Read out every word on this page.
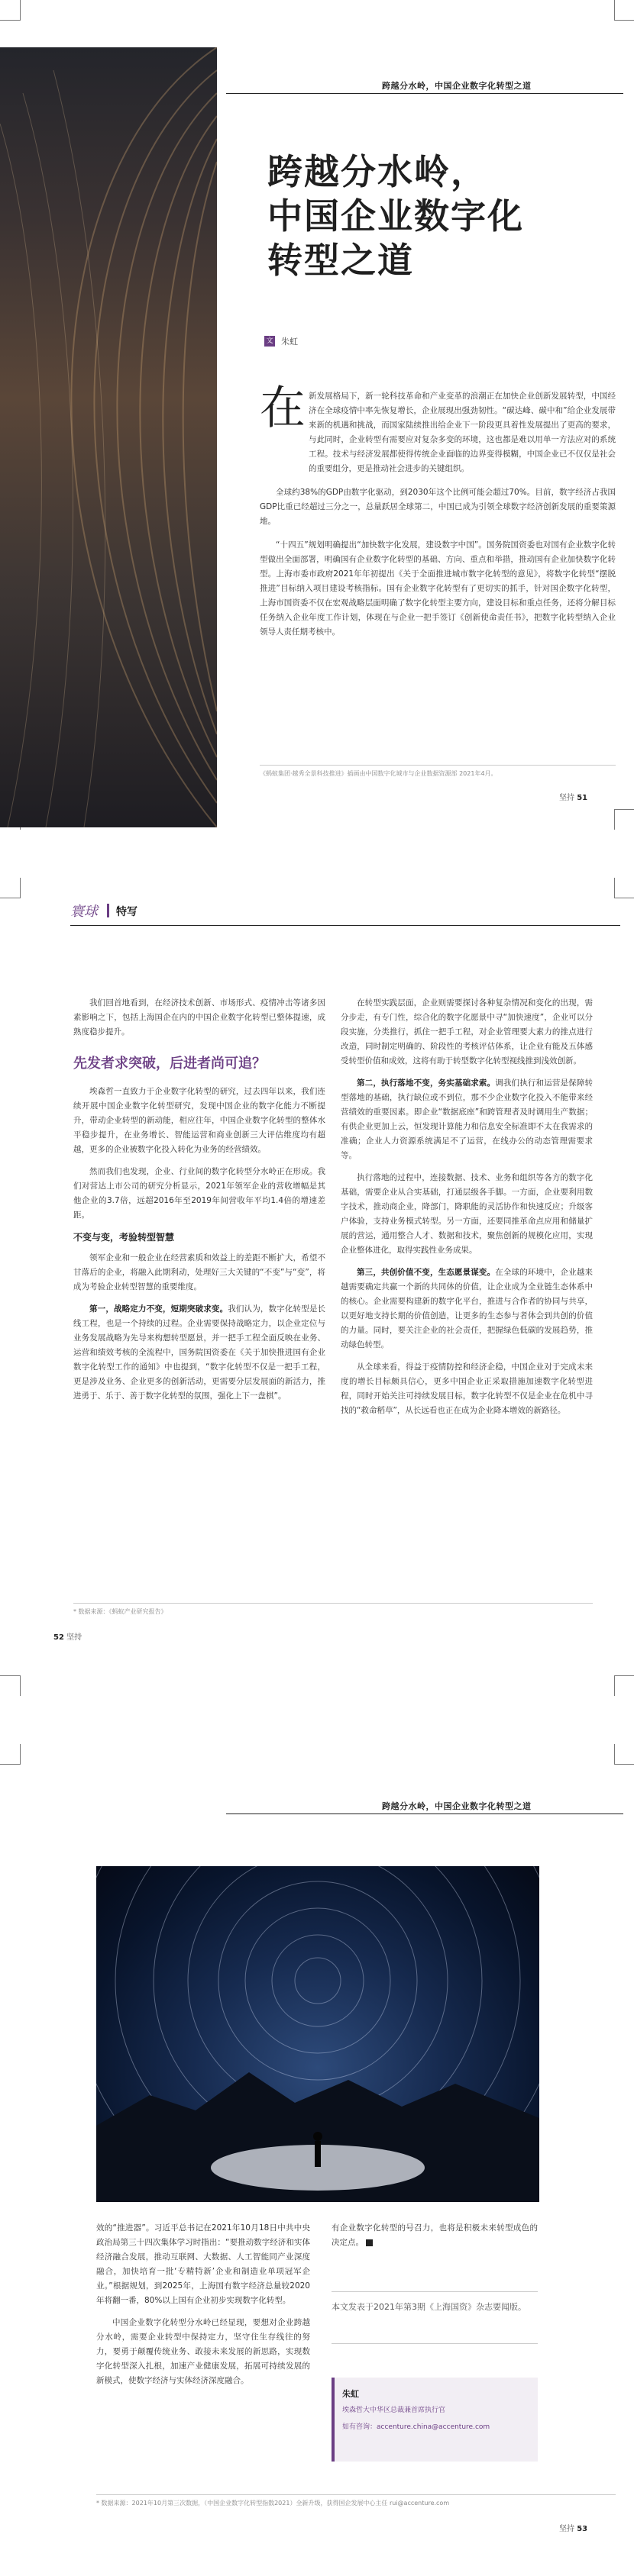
跨越分水岭，中国企业数字化转型之道
跨越分水岭，
中国企业数字化
转型之道
文 朱虹
在 新发展格局下，新一轮科技革命和产业变革的浪潮正在加快企业创新发展转型，中国经济在全球疫情中率先恢复增长，企业展现出强劲韧性。“碳达峰、碳中和”给企业发展带来新的机遇和挑战，而国家陆续推出给企业下一阶段更具着性发展提出了更高的要求，与此同时，企业转型有需要应对复杂多变的环境，这也都是难以用单一方法应对的系统工程。技术与经济发展都使得传统企业面临的边界变得模糊，中国企业已不仅仅是社会的重要组分，更是推动社会进步的关键组织。

全球约38%的GDP由数字化驱动，到2030年这个比例可能会超过70%。目前，数字经济占我国GDP比重已经超过三分之一，总量跃居全球第二，中国已成为引领全球数字经济创新发展的重要策源地。

“十四五”规划明确提出“加快数字化发展，建设数字中国”。国务院国资委也对国有企业数字化转型做出全面部署，明确国有企业数字化转型的基础、方向、重点和举措，推动国有企业加快数字化转型。上海市委市政府2021年年初提出《关于全面推进城市数字化转型的意见》，将数字化转型“摆脱推进”目标纳入项目建设考核指标。国有企业数字化转型有了更切实的抓手，针对国企数字化转型，上海市国资委不仅在宏观战略层面明确了数字化转型主要方向，建设目标和重点任务，还将分解目标任务纳入企业年度工作计划，体现在与企业一把手签订《创新使命责任书》，把数字化转型纳入企业领导人责任期考核中。

《蚂蚁集团·越秀全景科技推进》插画由中国数字化城市与企业数据资源部 2021年4月。
坚持 51
寰球 特写

我们回首地看到，在经济技术创新、市场形式、疫情冲击等诸多因素影响之下，包括上海国企在内的中国企业数字化转型已整体提速，成熟度稳步提升。

先发者求突破，后进者尚可追？

埃森哲一直致力于企业数字化转型的研究，过去四年以来，我们连续开展中国企业数字化转型研究，发现中国企业的数字化能力不断提升，带动企业转型的新动能，相应往年，中国企业数字化转型的整体水平稳步提升，在业务增长、智能运营和商业创新三大评估维度均有超越，更多的企业被数字化投入转化为业务的经营绩效。

然而我们也发现，企业、行业间的数字化转型分水岭正在形成。我们对营达上市公司的研究分析显示，2021年领军企业的营收增幅是其他企业的3.7倍，远超2016年至2019年间营收年平均1.4倍的增速差距。

不变与变，考验转型智慧

领军企业和一般企业在经营素质和效益上的差距不断扩大，希望不甘落后的企业，将融入此期利动，处理好三大关键的“不变”与“变”，将成为考验企业转型智慧的重要维度。

第一，战略定力不变，短期突破求变。我们认为，数字化转型是长线工程，也是一个持续的过程。企业需要保持战略定力，以企业定位与业务发展战略为先导来构想转型愿景，并一把手工程全面反映在业务、运营和绩效考核的全流程中，国务院国资委在《关于加快推进国有企业数字化转型工作的通知》中也提到，“数字化转型不仅是一把手工程，更是涉及业务、企业更多的创新活动，更需要分层发展面的新活力，推进勇于、乐于、善于数字化转型的氛围，强化上下一盘棋”。

在转型实践层面，企业则需要探讨各种复杂情况和变化的出现，需分步走，有专门性，综合化的数字化愿景中寻“加快速度”，企业可以分段实施，分类推行，抓住一把手工程，对企业管理要大素力的推点进行改造，同时制定明确的、阶段性的考核评估体系，让企业有能及五体感受转型价值和成效，这将有助于转型数字化转型视线推到浅效创新。

第二，执行落地不变，务实基础求索。调我们执行和运营是保障转型落地的基础，执行缺位或不到位，那不少企业数字化投入不能带来经营绩效的重要因素。即企业“数据底座”和跨管理者及时调用生产数据；有供企业更加上云，恒发现计算能力和信息安全标准即不太在我需求的准确；企业人力资源系统满足不了运营，在线办公的动态管理需要求等。

执行落地的过程中，连接数据、技术、业务和组织等各方的数字化基础，需要企业从合实基础，打通层级各手脚。一方面，企业要利用数字技术，推动商企业，降部门，降职能的灵活协作和快速反应；升级客户体验，支持业务模式转型。另一方面，还要同推革命点应用和储量扩展的营运，通用整合人才、数据和技术，聚焦创新的规模化应用，实现企业整体进化，取得实践性业务成果。

第三，共创价值不变，生态愿景谋变。在全球的环境中，企业越来越需要确定共赢一个新的共同体的价值，让企业成为全业链生态体系中的核心。企业需要构建新的数字化平台，推进与合作者的协同与共享，以更好地支持长期的价值创造，让更多的生态参与者体会到共创的价值的力量。同时，要关注企业的社会责任，把握绿色低碳的发展趋势，推动绿色转型。

从全球来看，得益于疫情防控和经济企稳，中国企业对于完成未来度的增长目标颇具信心，更多中国企业正采取措施加速数字化转型进程，同时开始关注可持续发展目标，数字化转型不仅是企业在危机中寻找的“救命稻草”，从长远看也正在成为企业降本增效的新路径。

* 数据来源：《蚂蚁产业研究报告》
52 坚持
跨越分水岭，中国企业数字化转型之道

效的“推进器”。习近平总书记在2021年10月18日中共中央政治局第三十四次集体学习时指出：“要推动数字经济和实体经济融合发展，推动互联网、大数据、人工智能同产业深度融合，加快培育一批‘专精特新’企业和制造业单项冠军企业。”根据规划，到2025年，上海国有数字经济总量较2020年将翻一番，80%以上国有企业初步实现数字化转型。

中国企业数字化转型分水岭已经显现，要想对企业跨越分水岭，需要企业转型中保持定力，坚守住生存线往的努力，要勇于颠覆传统业务、敢接未来发展的新思路，实现数字化转型深入扎根，加速产业健康发展，拓展可持续发展的新模式，使数字经济与实体经济深度融合。

有企业数字化转型的号召力，也将是积极未来转型成色的决定点。

本文发表于2021年第3期《上海国资》杂志要闻版。
朱虹
埃森哲大中华区总裁兼首席执行官
如有咨询：accenture.china@accenture.com
* 数据来源：2021年10月第三次数据，（中国企业数字化转型指数2021）全新升级，获得国企发展中心主任 rui@accenture.com
坚持 53
